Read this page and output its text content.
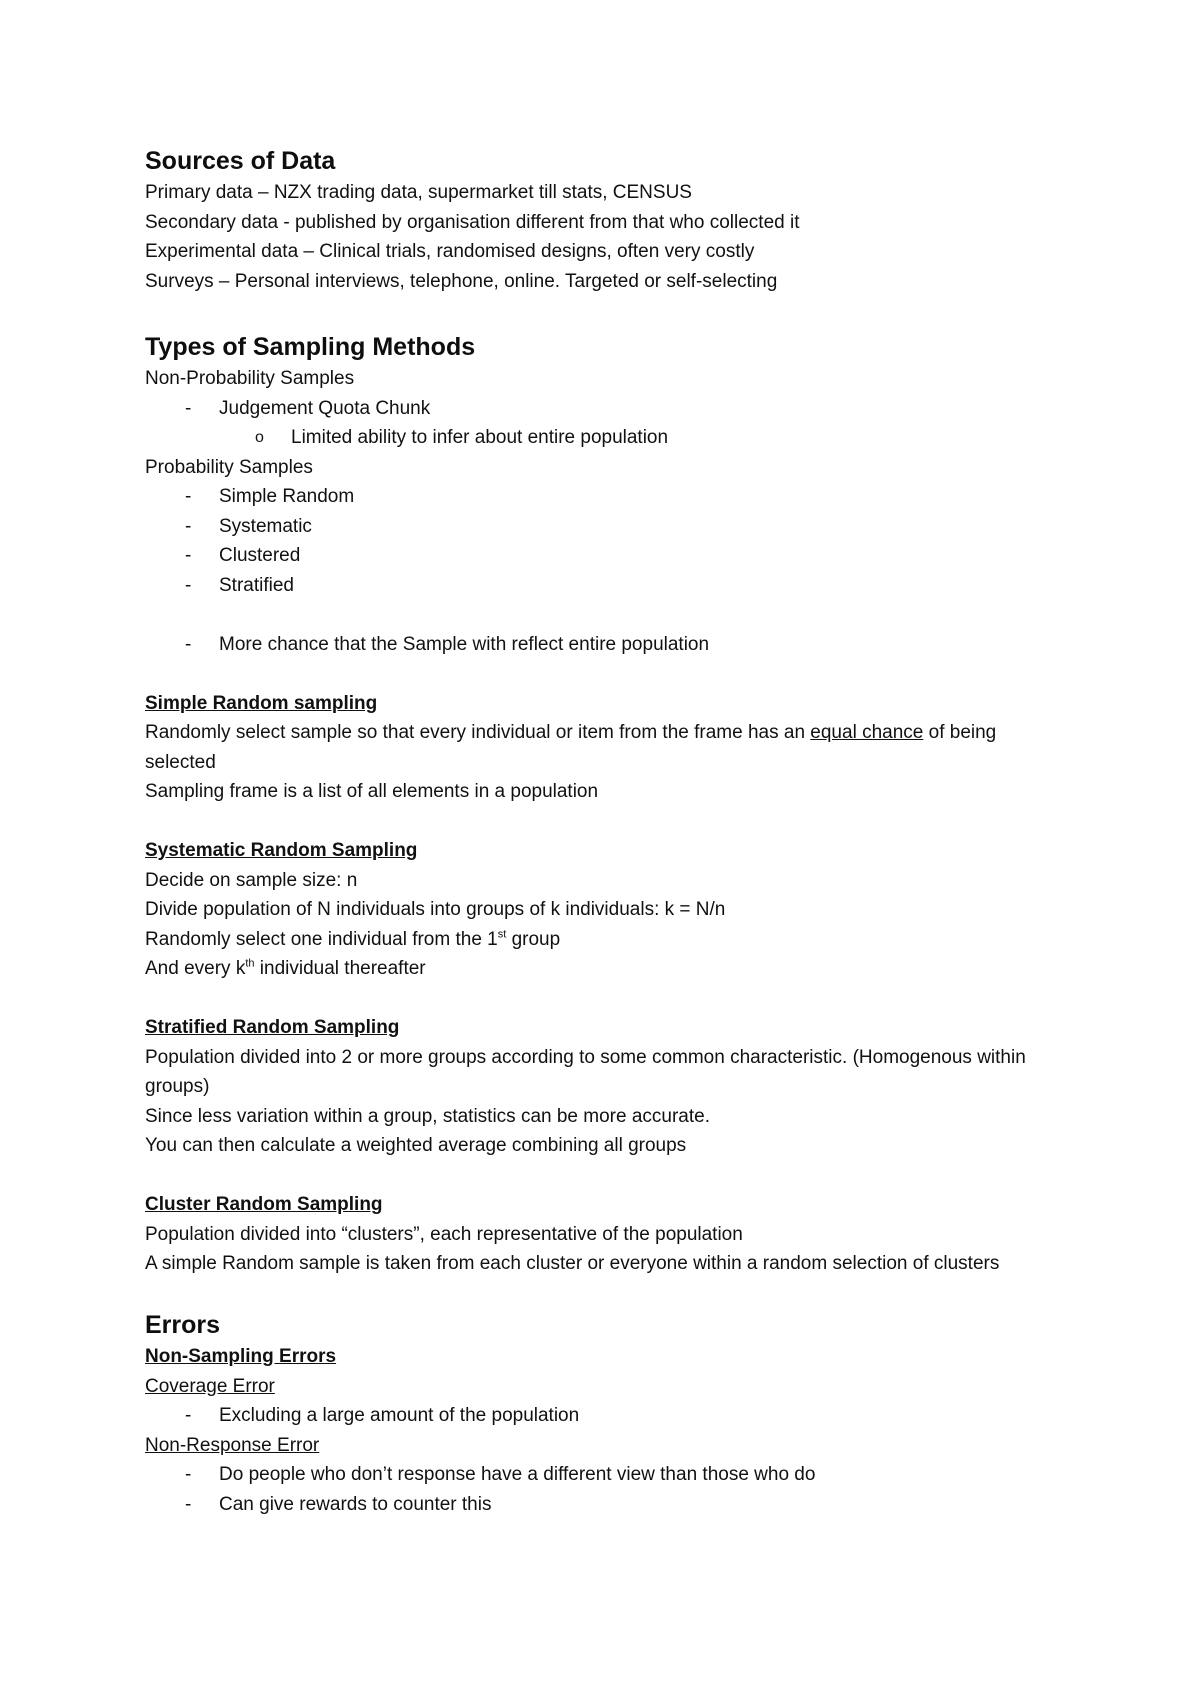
Sources of Data
Primary data – NZX trading data, supermarket till stats, CENSUS
Secondary data - published by organisation different from that who collected it
Experimental data – Clinical trials, randomised designs, often very costly
Surveys – Personal interviews, telephone, online. Targeted or self-selecting
Types of Sampling Methods
Non-Probability Samples
- Judgement Quota Chunk
o Limited ability to infer about entire population
Probability Samples
- Simple Random
- Systematic
- Clustered
- Stratified
- More chance that the Sample with reflect entire population
Simple Random sampling
Randomly select sample so that every individual or item from the frame has an equal chance of being selected
Sampling frame is a list of all elements in a population
Systematic Random Sampling
Decide on sample size: n
Divide population of N individuals into groups of k individuals: k = N/n
Randomly select one individual from the 1st group
And every $k^{th}$ individual thereafter
Stratified Random Sampling
Population divided into 2 or more groups according to some common characteristic. (Homogenous within groups)
Since less variation within a group, statistics can be more accurate.
You can then calculate a weighted average combining all groups
Cluster Random Sampling
Population divided into “clusters”, each representative of the population
A simple Random sample is taken from each cluster or everyone within a random selection of clusters
Errors
Non-Sampling Errors
Coverage Error
- Excluding a large amount of the population
Non-Response Error
- Do people who don’t response have a different view than those who do
- Can give rewards to counter this
